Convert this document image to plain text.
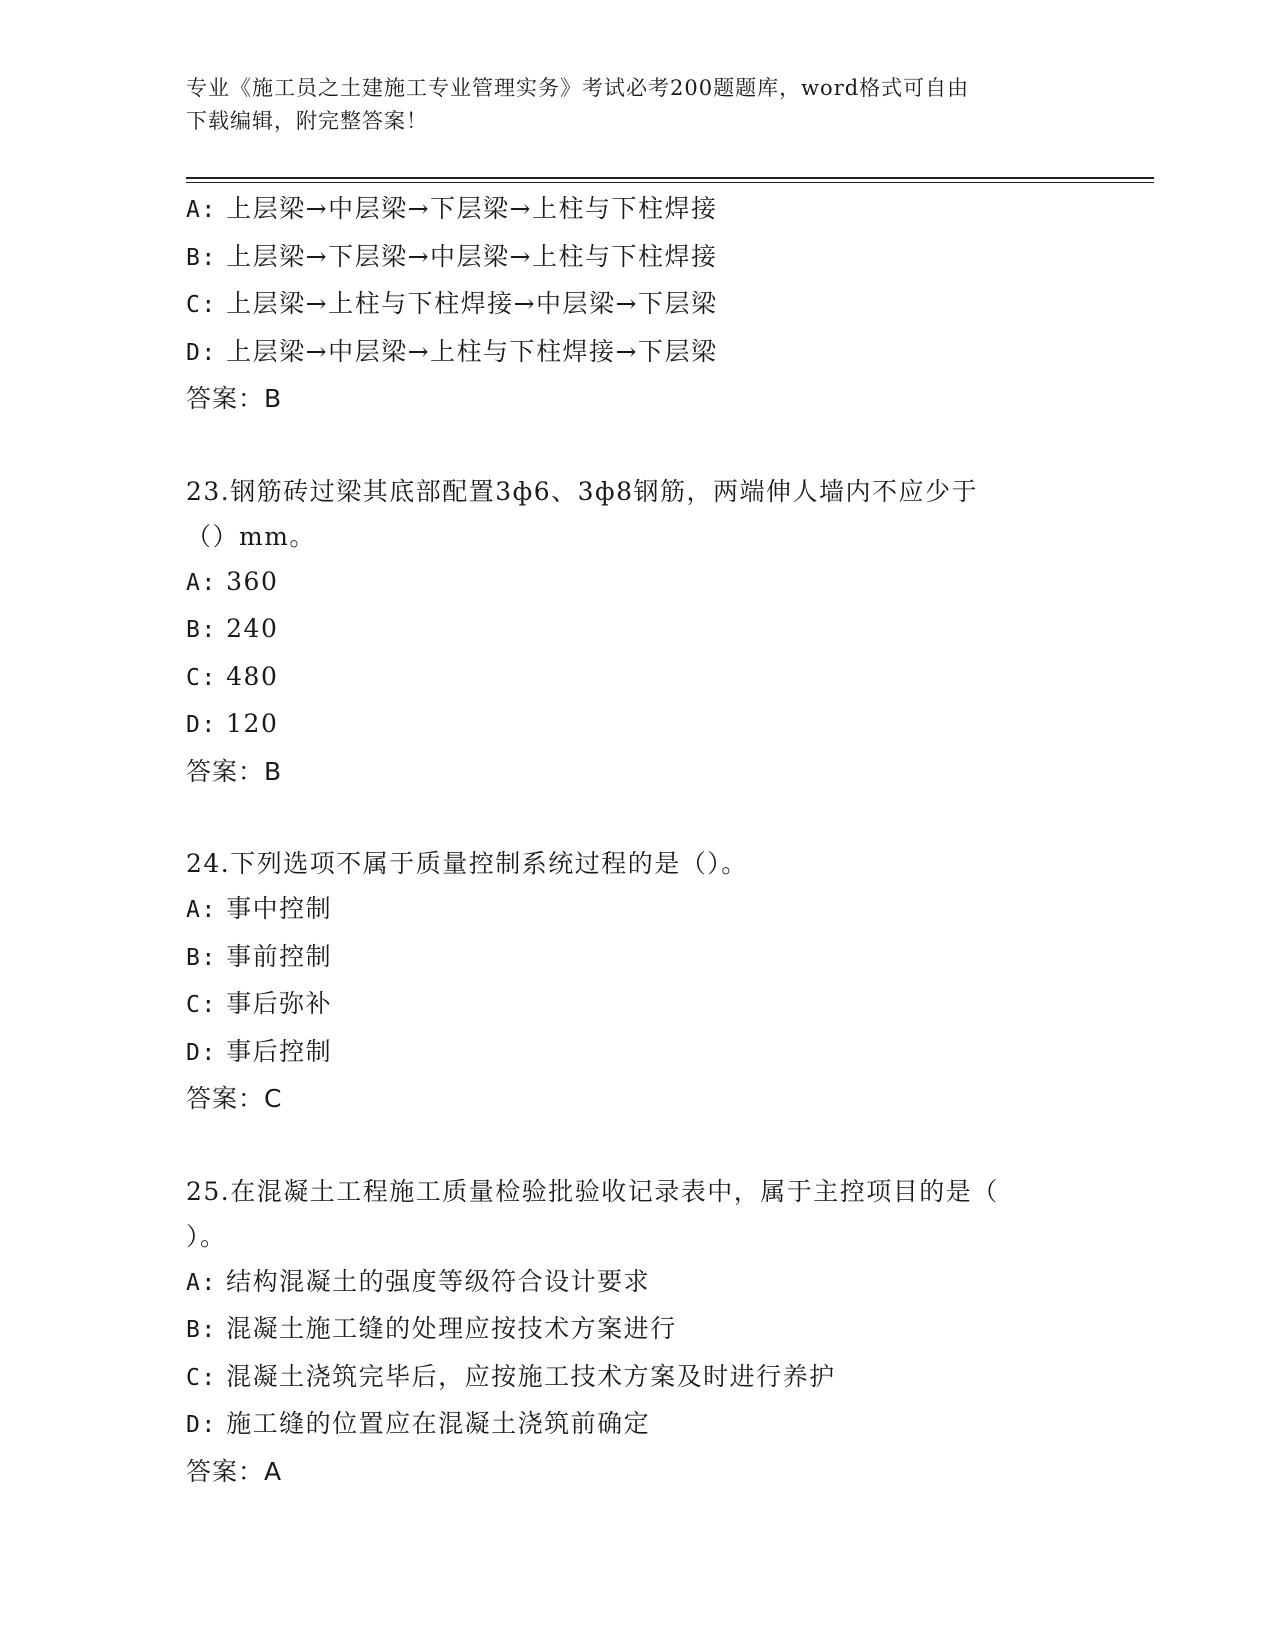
专业《施工员之土建施工专业管理实务》考试必考200题题库，word格式可自由
下载编辑，附完整答案！
A: 上层梁→中层梁→下层梁→上柱与下柱焊接
B: 上层梁→下层梁→中层梁→上柱与下柱焊接
C: 上层梁→上柱与下柱焊接→中层梁→下层梁
D: 上层梁→中层梁→上柱与下柱焊接→下层梁
答案：B
23.钢筋砖过梁其底部配置3ф6、3ф8钢筋，两端伸人墙内不应少于
（）mm。
A: 360
B: 240
C: 480
D: 120
答案：B
24.下列选项不属于质量控制系统过程的是（）。
A: 事中控制
B: 事前控制
C: 事后弥补
D: 事后控制
答案：C
25.在混凝土工程施工质量检验批验收记录表中，属于主控项目的是（
）。
A: 结构混凝土的强度等级符合设计要求
B: 混凝土施工缝的处理应按技术方案进行
C: 混凝土浇筑完毕后，应按施工技术方案及时进行养护
D: 施工缝的位置应在混凝土浇筑前确定
答案：A
